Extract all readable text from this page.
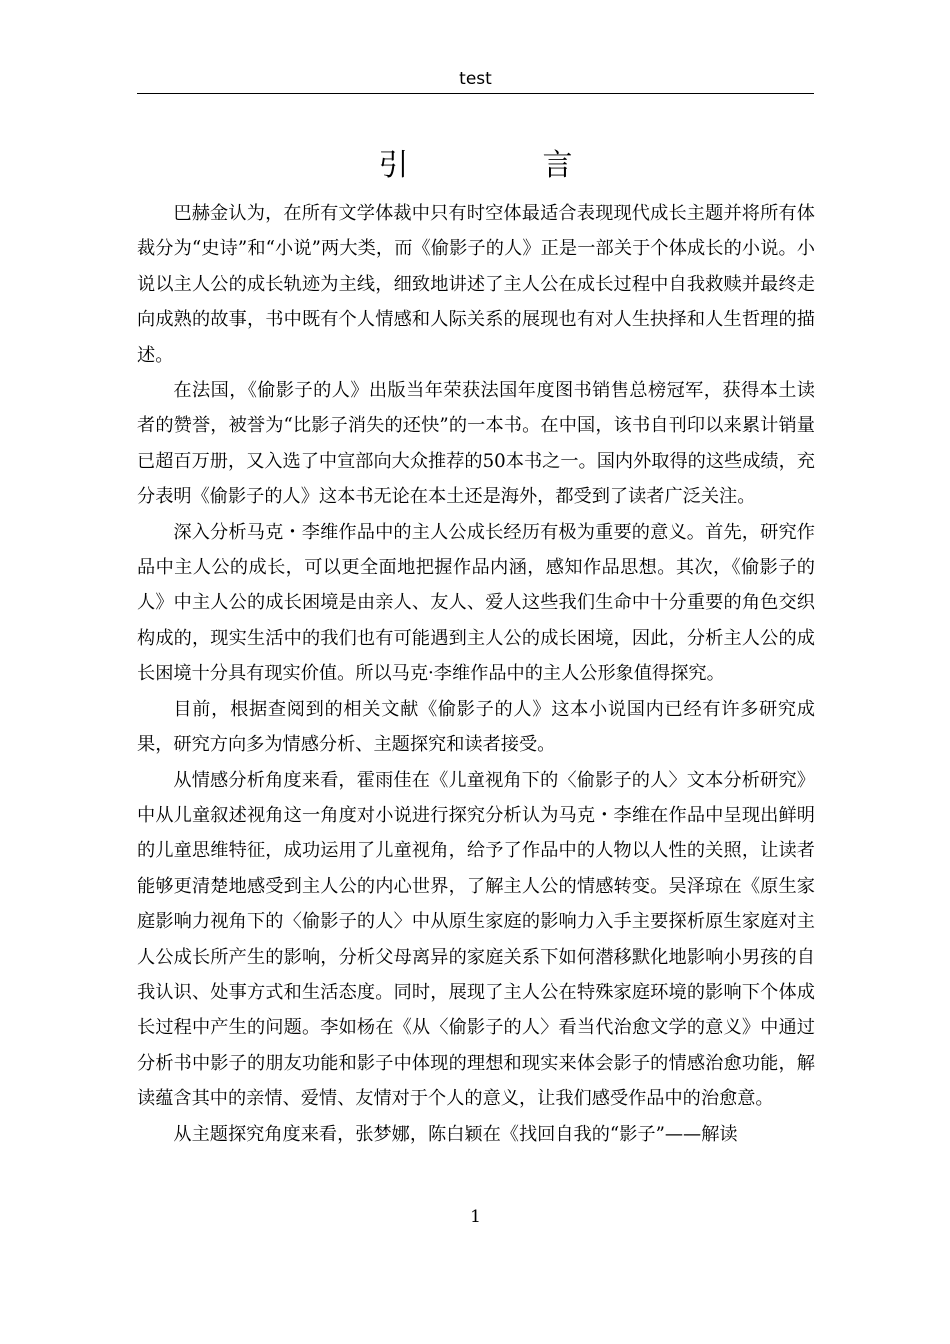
test
引　言

巴赫金认为，在所有文学体裁中只有时空体最适合表现现代成长主题并将所有体裁分为“史诗”和“小说”两大类，而《偷影子的人》正是一部关于个体成长的小说。小说以主人公的成长轨迹为主线，细致地讲述了主人公在成长过程中自我救赎并最终走向成熟的故事，书中既有个人情感和人际关系的展现也有对人生抉择和人生哲理的描述。

在法国，《偷影子的人》出版当年荣获法国年度图书销售总榜冠军，获得本土读者的赞誉，被誉为“比影子消失的还快”的一本书。在中国，该书自刊印以来累计销量已超百万册，又入选了中宣部向大众推荐的50本书之一。国内外取得的这些成绩，充分表明《偷影子的人》这本书无论在本土还是海外，都受到了读者广泛关注。

深入分析马克・李维作品中的主人公成长经历有极为重要的意义。首先，研究作品中主人公的成长，可以更全面地把握作品内涵，感知作品思想。其次，《偷影子的人》中主人公的成长困境是由亲人、友人、爱人这些我们生命中十分重要的角色交织构成的，现实生活中的我们也有可能遇到主人公的成长困境，因此，分析主人公的成长困境十分具有现实价值。所以马克·李维作品中的主人公形象值得探究。

目前，根据查阅到的相关文献《偷影子的人》这本小说国内已经有许多研究成果，研究方向多为情感分析、主题探究和读者接受。

从情感分析角度来看，霍雨佳在《儿童视角下的〈偷影子的人〉文本分析研究》中从儿童叙述视角这一角度对小说进行探究分析认为马克・李维在作品中呈现出鲜明的儿童思维特征，成功运用了儿童视角，给予了作品中的人物以人性的关照，让读者能够更清楚地感受到主人公的内心世界，了解主人公的情感转变。吴泽琼在《原生家庭影响力视角下的〈偷影子的人〉中从原生家庭的影响力入手主要探析原生家庭对主人公成长所产生的影响，分析父母离异的家庭关系下如何潜移默化地影响小男孩的自我认识、处事方式和生活态度。同时，展现了主人公在特殊家庭环境的影响下个体成长过程中产生的问题。李如杨在《从〈偷影子的人〉看当代治愈文学的意义》中通过分析书中影子的朋友功能和影子中体现的理想和现实来体会影子的情感治愈功能，解读蕴含其中的亲情、爱情、友情对于个人的意义，让我们感受作品中的治愈意。

从主题探究角度来看，张梦娜，陈白颖在《找回自我的“影子”——解读

1
